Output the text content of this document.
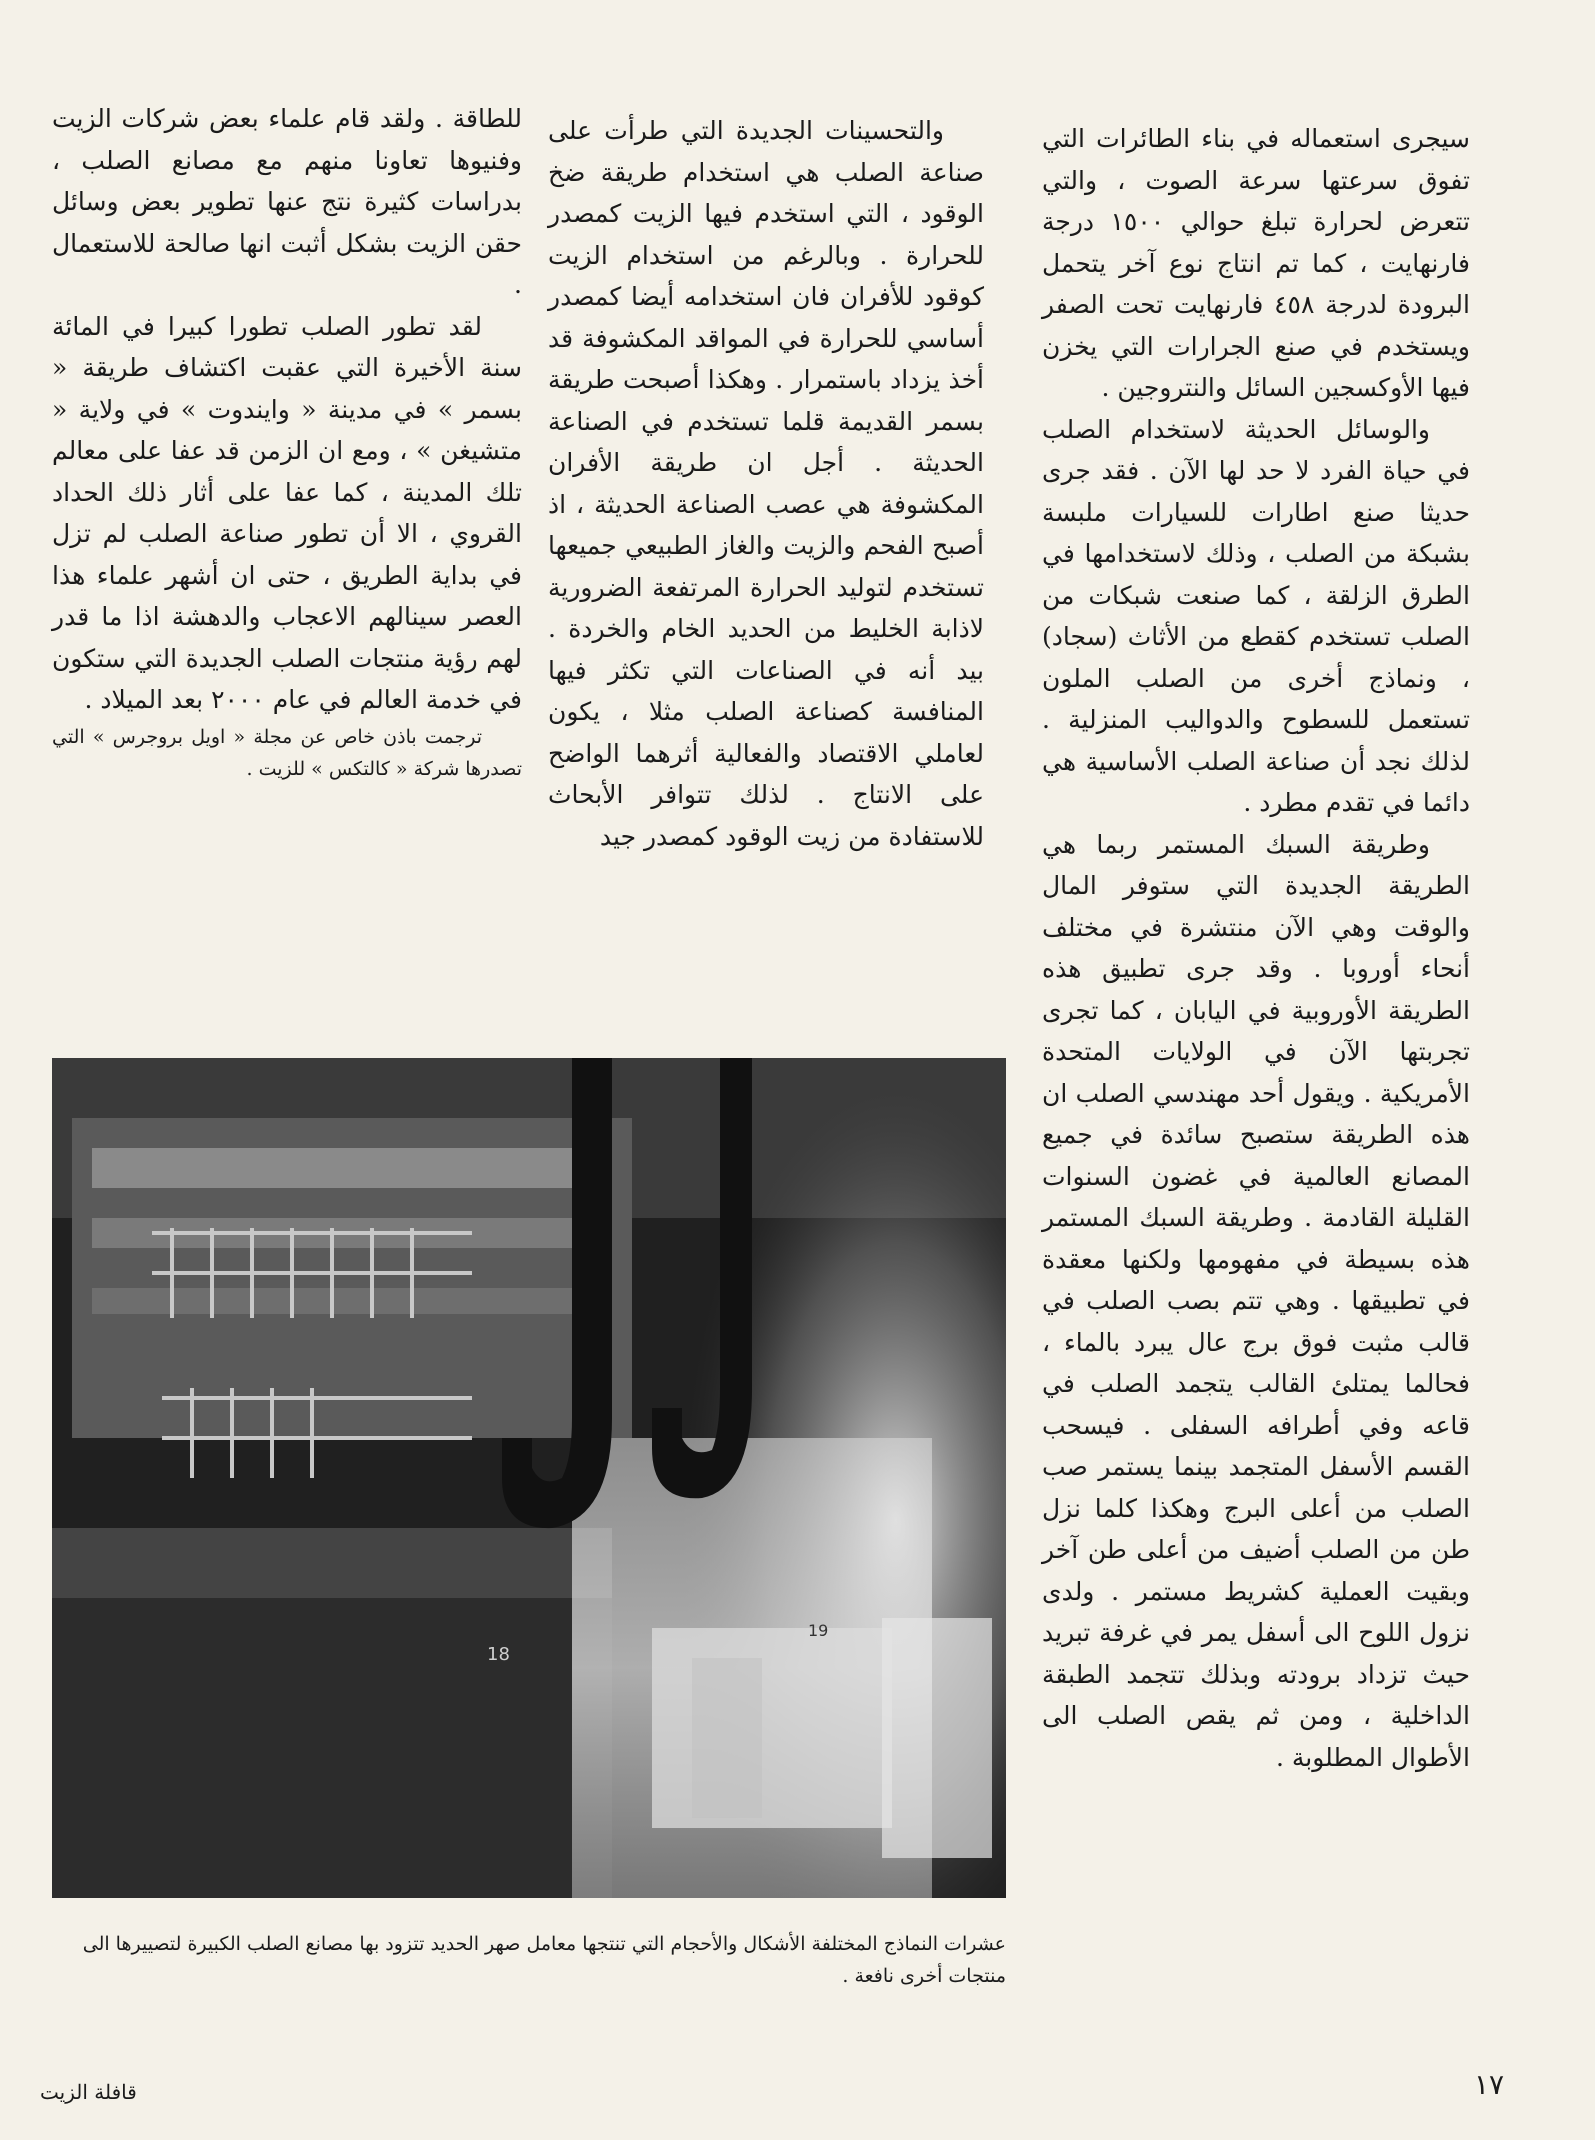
سيجرى استعماله في بناء الطائرات التي تفوق سرعتها سرعة الصوت ، والتي تتعرض لحرارة تبلغ حوالي ١٥٠٠ درجة فارنهايت ، كما تم انتاج نوع آخر يتحمل البرودة لدرجة ٤٥٨ فارنهايت تحت الصفر ويستخدم في صنع الجرارات التي يخزن فيها الأوكسجين السائل والنتروجين .

والوسائل الحديثة لاستخدام الصلب في حياة الفرد لا حد لها الآن . فقد جرى حديثا صنع اطارات للسيارات ملبسة بشبكة من الصلب ، وذلك لاستخدامها في الطرق الزلقة ، كما صنعت شبكات من الصلب تستخدم كقطع من الأثاث (سجاد) ، ونماذج أخرى من الصلب الملون تستعمل للسطوح والدواليب المنزلية . لذلك نجد أن صناعة الصلب الأساسية هي دائما في تقدم مطرد .

وطريقة السبك المستمر ربما هي الطريقة الجديدة التي ستوفر المال والوقت وهي الآن منتشرة في مختلف أنحاء أوروبا . وقد جرى تطبيق هذه الطريقة الأوروبية في اليابان ، كما تجرى تجربتها الآن في الولايات المتحدة الأمريكية . ويقول أحد مهندسي الصلب ان هذه الطريقة ستصبح سائدة في جميع المصانع العالمية في غضون السنوات القليلة القادمة . وطريقة السبك المستمر هذه بسيطة في مفهومها ولكنها معقدة في تطبيقها . وهي تتم بصب الصلب في قالب مثبت فوق برج عال يبرد بالماء ، فحالما يمتلئ القالب يتجمد الصلب في قاعه وفي أطرافه السفلى . فيسحب القسم الأسفل المتجمد بينما يستمر صب الصلب من أعلى البرج وهكذا كلما نزل طن من الصلب أضيف من أعلى طن آخر وبقيت العملية كشريط مستمر . ولدى نزول اللوح الى أسفل يمر في غرفة تبريد حيث تزداد برودته وبذلك تتجمد الطبقة الداخلية ، ومن ثم يقص الصلب الى الأطوال المطلوبة .

والتحسينات الجديدة التي طرأت على صناعة الصلب هي استخدام طريقة ضخ الوقود ، التي استخدم فيها الزيت كمصدر للحرارة . وبالرغم من استخدام الزيت كوقود للأفران فان استخدامه أيضا كمصدر أساسي للحرارة في المواقد المكشوفة قد أخذ يزداد باستمرار . وهكذا أصبحت طريقة بسمر القديمة قلما تستخدم في الصناعة الحديثة . أجل ان طريقة الأفران المكشوفة هي عصب الصناعة الحديثة ، اذ أصبح الفحم والزيت والغاز الطبيعي جميعها تستخدم لتوليد الحرارة المرتفعة الضرورية لاذابة الخليط من الحديد الخام والخردة . بيد أنه في الصناعات التي تكثر فيها المنافسة كصناعة الصلب مثلا ، يكون لعاملي الاقتصاد والفعالية أثرهما الواضح على الانتاج . لذلك تتوافر الأبحاث للاستفادة من زيت الوقود كمصدر جيد

للطاقة . ولقد قام علماء بعض شركات الزيت وفنيوها تعاونا منهم مع مصانع الصلب ، بدراسات كثيرة نتج عنها تطوير بعض وسائل حقن الزيت بشكل أثبت انها صالحة للاستعمال .

لقد تطور الصلب تطورا كبيرا في المائة سنة الأخيرة التي عقبت اكتشاف طريقة « بسمر » في مدينة « وايندوت » في ولاية « متشيغن » ، ومع ان الزمن قد عفا على معالم تلك المدينة ، كما عفا على أثار ذلك الحداد القروي ، الا أن تطور صناعة الصلب لم تزل في بداية الطريق ، حتى ان أشهر علماء هذا العصر سينالهم الاعجاب والدهشة اذا ما قدر لهم رؤية منتجات الصلب الجديدة التي ستكون في خدمة العالم في عام ٢٠٠٠ بعد الميلاد .

ترجمت باذن خاص عن مجلة « اويل بروجرس » التي تصدرها شركة « كالتكس » للزيت .

18
19
عشرات النماذج المختلفة الأشكال والأحجام التي تنتجها معامل صهر الحديد تتزود بها مصانع الصلب الكبيرة لتصييرها الى منتجات أخرى نافعة .
١٧
قافلة الزيت
